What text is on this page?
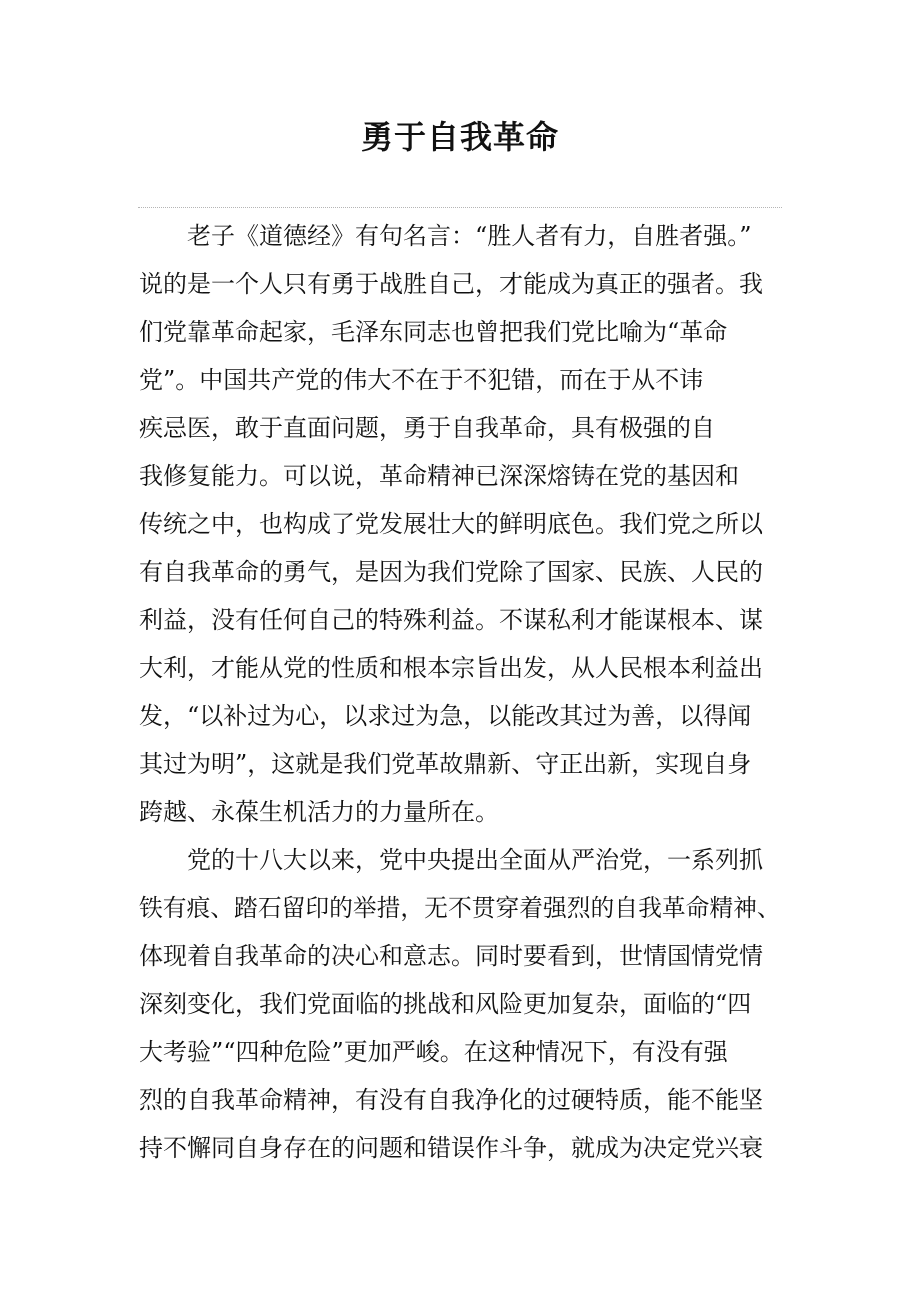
勇于自我革命
　　老子《道德经》有句名言：“胜人者有力，自胜者强。”
说的是一个人只有勇于战胜自己，才能成为真正的强者。我
们党靠革命起家，毛泽东同志也曾把我们党比喻为“革命
党”。中国共产党的伟大不在于不犯错，而在于从不讳
疾忌医，敢于直面问题，勇于自我革命，具有极强的自
我修复能力。可以说，革命精神已深深熔铸在党的基因和
传统之中，也构成了党发展壮大的鲜明底色。我们党之所以
有自我革命的勇气，是因为我们党除了国家、民族、人民的
利益，没有任何自己的特殊利益。不谋私利才能谋根本、谋
大利，才能从党的性质和根本宗旨出发，从人民根本利益出
发，“以补过为心，以求过为急，以能改其过为善，以得闻
其过为明”，这就是我们党革故鼎新、守正出新，实现自身
跨越、永葆生机活力的力量所在。
　　党的十八大以来，党中央提出全面从严治党，一系列抓
铁有痕、踏石留印的举措，无不贯穿着强烈的自我革命精神、
体现着自我革命的决心和意志。同时要看到，世情国情党情
深刻变化，我们党面临的挑战和风险更加复杂，面临的“四
大考验”“四种危险”更加严峻。在这种情况下，有没有强
烈的自我革命精神，有没有自我净化的过硬特质，能不能坚
持不懈同自身存在的问题和错误作斗争，就成为决定党兴衰
